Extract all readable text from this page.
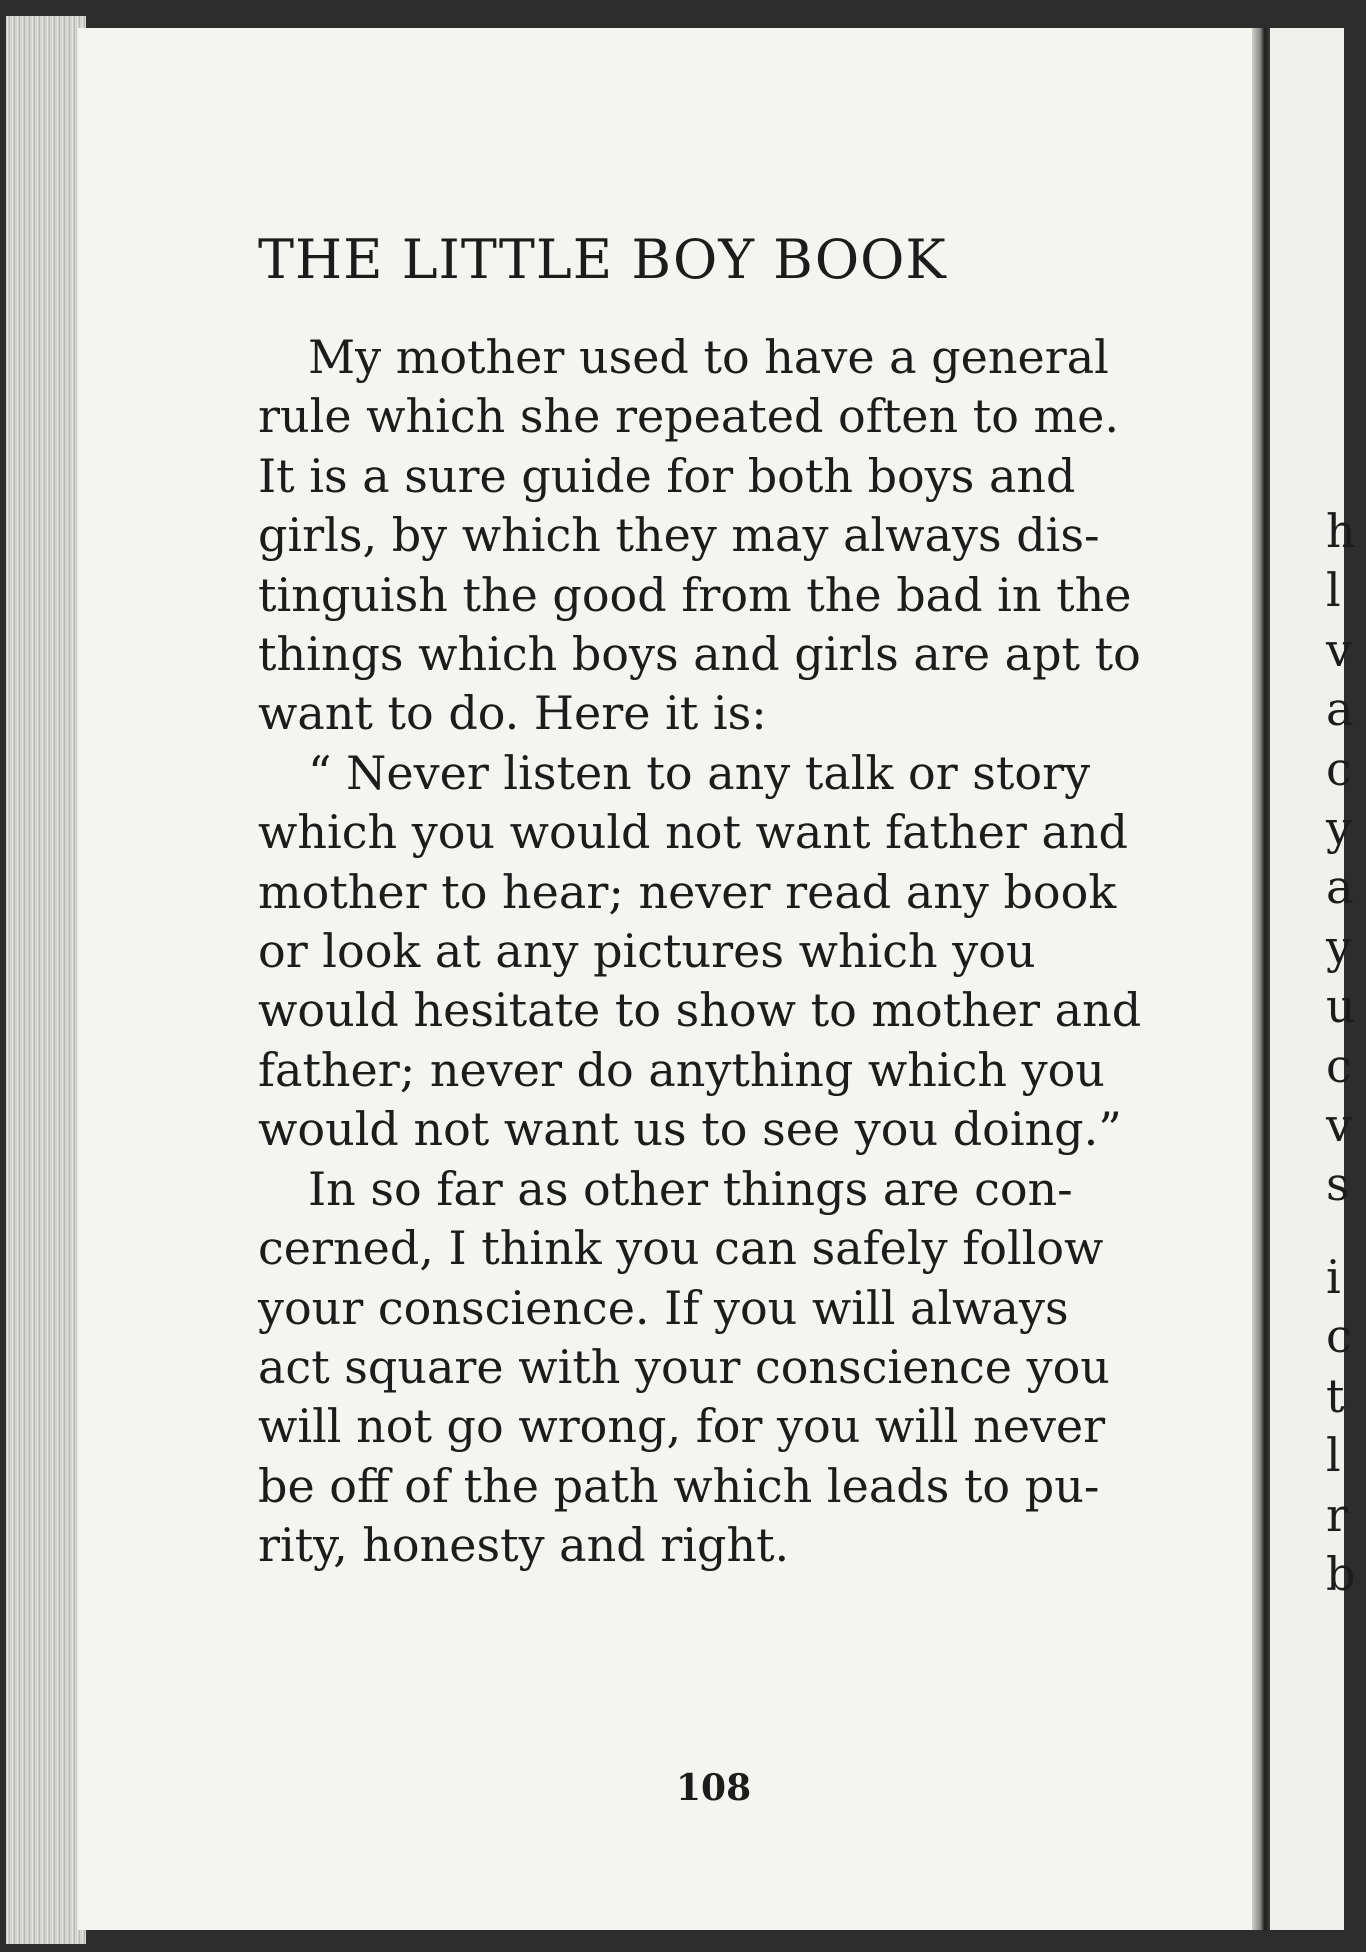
THE LITTLE BOY BOOK
My mother used to have a general
rule which she repeated often to me.
It is a sure guide for both boys and
girls, by which they may always dis-
tinguish the good from the bad in the
things which boys and girls are apt to
want to do. Here it is:
“ Never listen to any talk or story
which you would not want father and
mother to hear; never read any book
or look at any pictures which you
would hesitate to show to mother and
father; never do anything which you
would not want us to see you doing.”
In so far as other things are con-
cerned, I think you can safely follow
your conscience. If you will always
act square with your conscience you
will not go wrong, for you will never
be off of the path which leads to pu-
rity, honesty and right.
108
h
l
v
a
c
y
a
y
u
c
v
s
i
c
t
l
r
b
